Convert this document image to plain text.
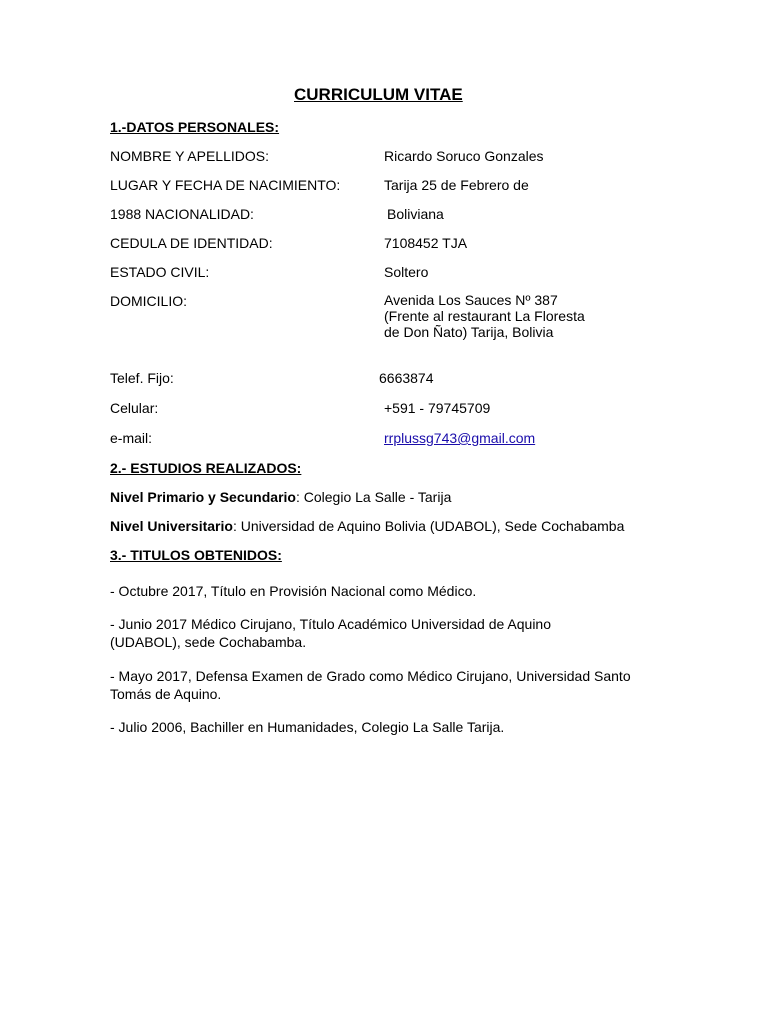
CURRICULUM VITAE
1.-DATOS PERSONALES:
NOMBRE Y APELLIDOS:	Ricardo Soruco Gonzales
LUGAR Y FECHA DE NACIMIENTO:	Tarija 25 de Febrero de
1988 NACIONALIDAD:	Boliviana
CEDULA DE IDENTIDAD:	7108452 TJA
ESTADO CIVIL:	Soltero
DOMICILIO:	Avenida Los Sauces Nº 387
(Frente al restaurant La Floresta
de Don Ñato) Tarija, Bolivia
Telef. Fijo:	6663874
Celular:	+591 - 79745709
e-mail:	rrplussg743@gmail.com
2.- ESTUDIOS REALIZADOS:
Nivel Primario y Secundario: Colegio La Salle - Tarija
Nivel Universitario: Universidad de Aquino Bolivia (UDABOL), Sede Cochabamba
3.- TITULOS OBTENIDOS:
- Octubre 2017, Título en Provisión Nacional como Médico.
- Junio 2017 Médico Cirujano, Título Académico Universidad de Aquino
(UDABOL), sede Cochabamba.
- Mayo 2017, Defensa Examen de Grado como Médico Cirujano, Universidad Santo
Tomás de Aquino.
- Julio 2006, Bachiller en Humanidades, Colegio La Salle Tarija.
